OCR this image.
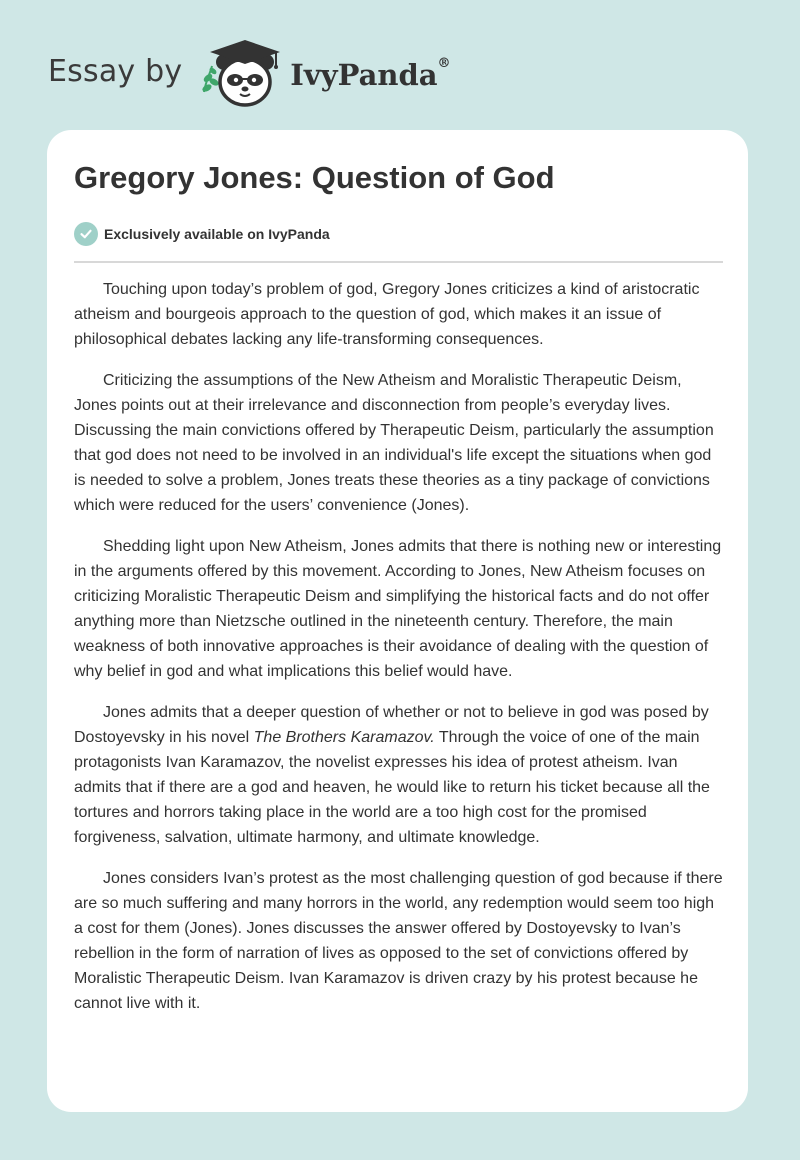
Essay by	IvyPanda®
Gregory Jones: Question of God
Exclusively available on IvyPanda

Touching upon today’s problem of god, Gregory Jones criticizes a kind of aristocratic atheism and bourgeois approach to the question of god, which makes it an issue of philosophical debates lacking any life-transforming consequences.

Criticizing the assumptions of the New Atheism and Moralistic Therapeutic Deism, Jones points out at their irrelevance and disconnection from people’s everyday lives. Discussing the main convictions offered by Therapeutic Deism, particularly the assumption that god does not need to be involved in an individual's life except the situations when god is needed to solve a problem, Jones treats these theories as a tiny package of convictions which were reduced for the users’ convenience (Jones).

Shedding light upon New Atheism, Jones admits that there is nothing new or interesting in the arguments offered by this movement. According to Jones, New Atheism focuses on criticizing Moralistic Therapeutic Deism and simplifying the historical facts and do not offer anything more than Nietzsche outlined in the nineteenth century. Therefore, the main weakness of both innovative approaches is their avoidance of dealing with the question of why belief in god and what implications this belief would have.

Jones admits that a deeper question of whether or not to believe in god was posed by Dostoyevsky in his novel The Brothers Karamazov. Through the voice of one of the main protagonists Ivan Karamazov, the novelist expresses his idea of protest atheism. Ivan admits that if there are a god and heaven, he would like to return his ticket because all the tortures and horrors taking place in the world are a too high cost for the promised forgiveness, salvation, ultimate harmony, and ultimate knowledge.

Jones considers Ivan’s protest as the most challenging question of god because if there are so much suffering and many horrors in the world, any redemption would seem too high a cost for them (Jones). Jones discusses the answer offered by Dostoyevsky to Ivan’s rebellion in the form of narration of lives as opposed to the set of convictions offered by Moralistic Therapeutic Deism. Ivan Karamazov is driven crazy by his protest because he cannot live with it.
